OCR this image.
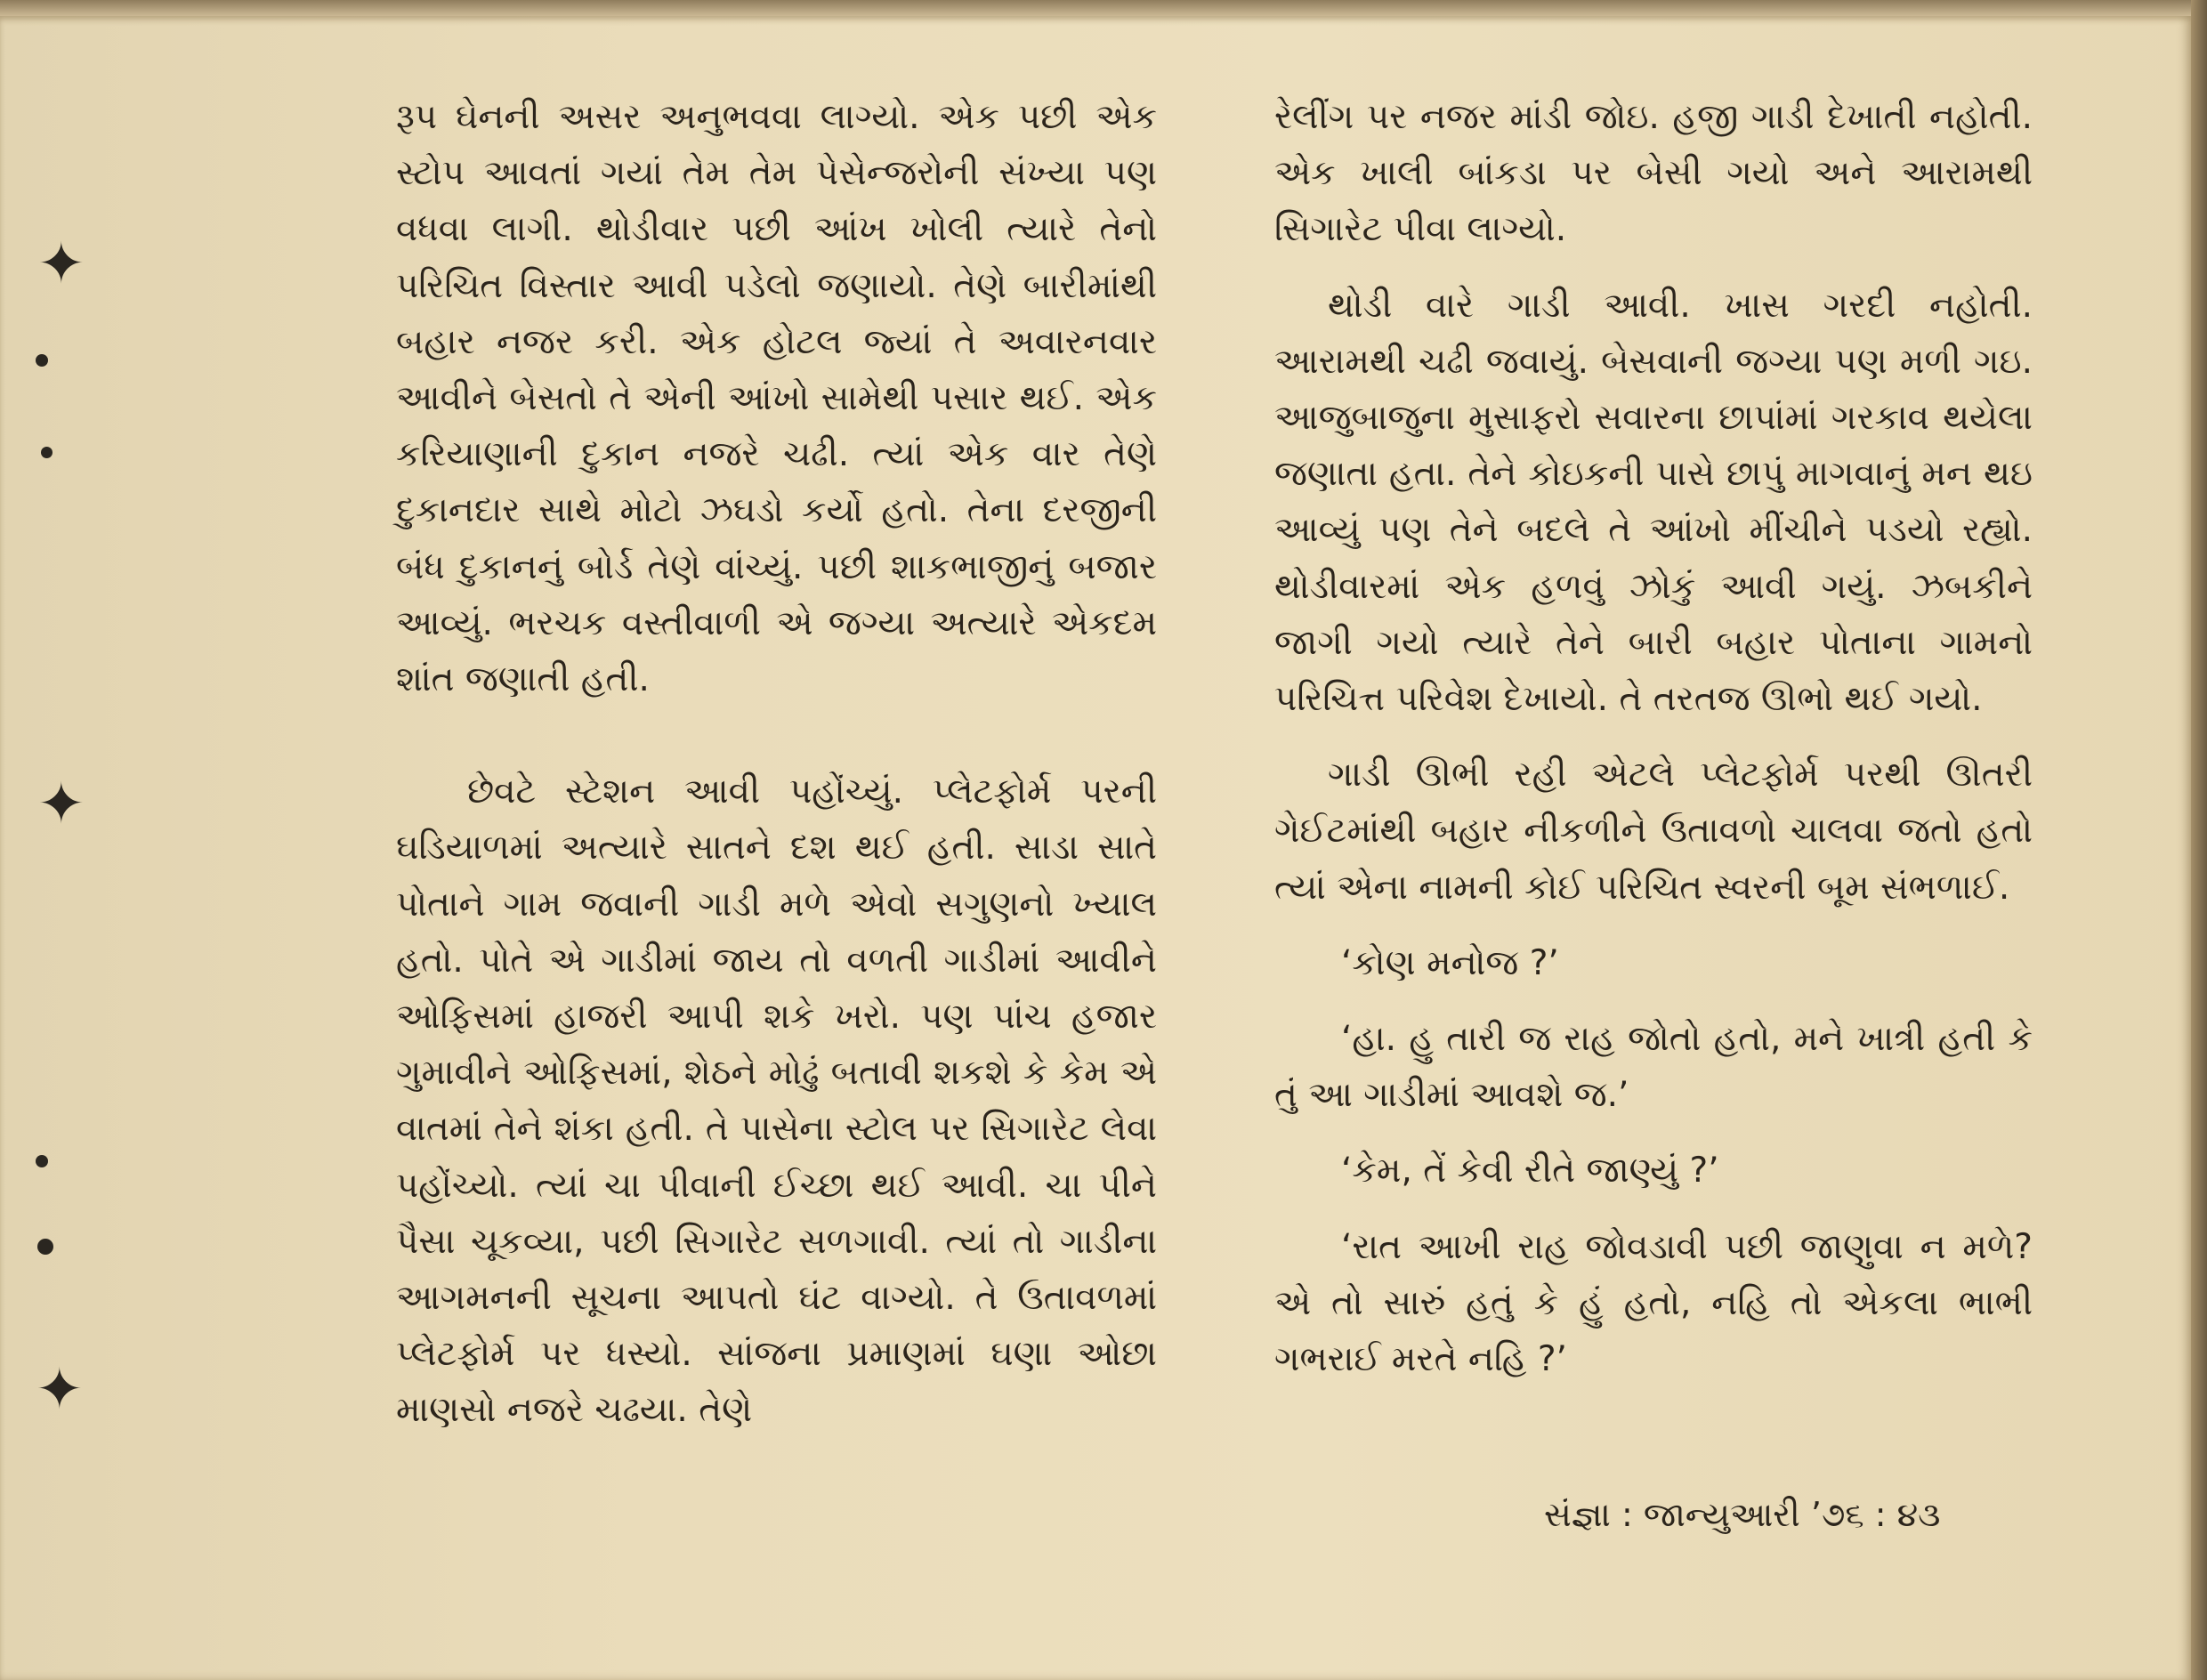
✦
✦
✦

રૂપ ઘેનની અસર અનુભવવા લાગ્યો. એક પછી એક સ્ટોપ આવતાં ગયાં તેમ તેમ પેસેન્જરોની સંખ્યા પણ વધવા લાગી. થોડીવાર પછી આંખ ખોલી ત્યારે તેનો પરિચિત વિસ્તાર આવી પડેલો જણાયો. તેણે બારીમાંથી બહાર નજર કરી. એક હોટલ જ્યાં તે અવારનવાર આવીને બેસતો તે એની આંખો સામેથી પસાર થઈ. એક કરિયાણાની દુકાન નજરે ચઢી. ત્યાં એક વાર તેણે દુકાનદાર સાથે મોટો ઝઘડો કર્યો હતો. તેના દરજીની બંધ દુકાનનું બોર્ડ તેણે વાંચ્યું. પછી શાકભાજીનું બજાર આવ્યું. ભરચક વસ્તીવાળી એ જગ્યા અત્યારે એકદમ શાંત જણાતી હતી.

છેવટે સ્ટેશન આવી પહોંચ્યું. પ્લેટફોર્મ પરની ઘડિયાળમાં અત્યારે સાતને દશ થઈ હતી. સાડા સાતે પોતાને ગામ જવાની ગાડી મળે એવો સગુણનો ખ્યાલ હતો. પોતે એ ગાડીમાં જાય તો વળતી ગાડીમાં આવીને ઓફિસમાં હાજરી આપી શકે ખરો. પણ પાંચ હજાર ગુમાવીને ઓફિસમાં, શેઠને મોઢું બતાવી શકશે કે કેમ એ વાતમાં તેને શંકા હતી. તે પાસેના સ્ટોલ પર સિગારેટ લેવા પહોંચ્યો. ત્યાં ચા પીવાની ઈચ્છા થઈ આવી. ચા પીને પૈસા ચૂકવ્યા, પછી સિગારેટ સળગાવી. ત્યાં તો ગાડીના આગમનની સૂચના આપતો ઘંટ વાગ્યો. તે ઉતાવળમાં પ્લેટફોર્મ પર ધસ્યો. સાંજના પ્રમાણમાં ઘણા ઓછા માણસો નજરે ચઢયા. તેણે

રેલીંગ પર નજર માંડી જોઇ. હજી ગાડી દેખાતી નહોતી. એક ખાલી બાંકડા પર બેસી ગયો અને આરામથી સિગારેટ પીવા લાગ્યો.

થોડી વારે ગાડી આવી. ખાસ ગરદી નહોતી. આરામથી ચઢી જવાયું. બેસવાની જગ્યા પણ મળી ગઇ. આજુબાજુના મુસાફરો સવારના છાપાંમાં ગરકાવ થયેલા જણાતા હતા. તેને કોઇકની પાસે છાપું માગવાનું મન થઇ આવ્યું પણ તેને બદલે તે આંખો મીંચીને પડયો રહ્યો. થોડીવારમાં એક હળવું ઝોકું આવી ગયું. ઝબકીને જાગી ગયો ત્યારે તેને બારી બહાર પોતાના ગામનો પરિચિત્ત પરિવેશ દેખાયો. તે તરતજ ઊભો થઈ ગયો.

ગાડી ઊભી રહી એટલે પ્લેટફોર્મ પરથી ઊતરી ગેઈટમાંથી બહાર નીકળીને ઉતાવળો ચાલવા જતો હતો ત્યાં એના નામની કોઈ પરિચિત સ્વરની બૂમ સંભળાઈ.

‘કોણ મનોજ ?’

‘હા. હુ તારી જ રાહ જોતો હતો, મને ખાત્રી હતી કે તું આ ગાડીમાં આવશે જ.’

‘કેમ, તેં કેવી રીતે જાણ્યું ?’

‘રાત આખી રાહ જોવડાવી પછી જાણુવા ન મળે? એ તો સારું હતું કે હું હતો, નહિ તો એકલા ભાભી ગભરાઈ મરતે નહિ ?’

સંજ્ઞા : જાન્યુઆરી ’૭૬ : ૪૩
